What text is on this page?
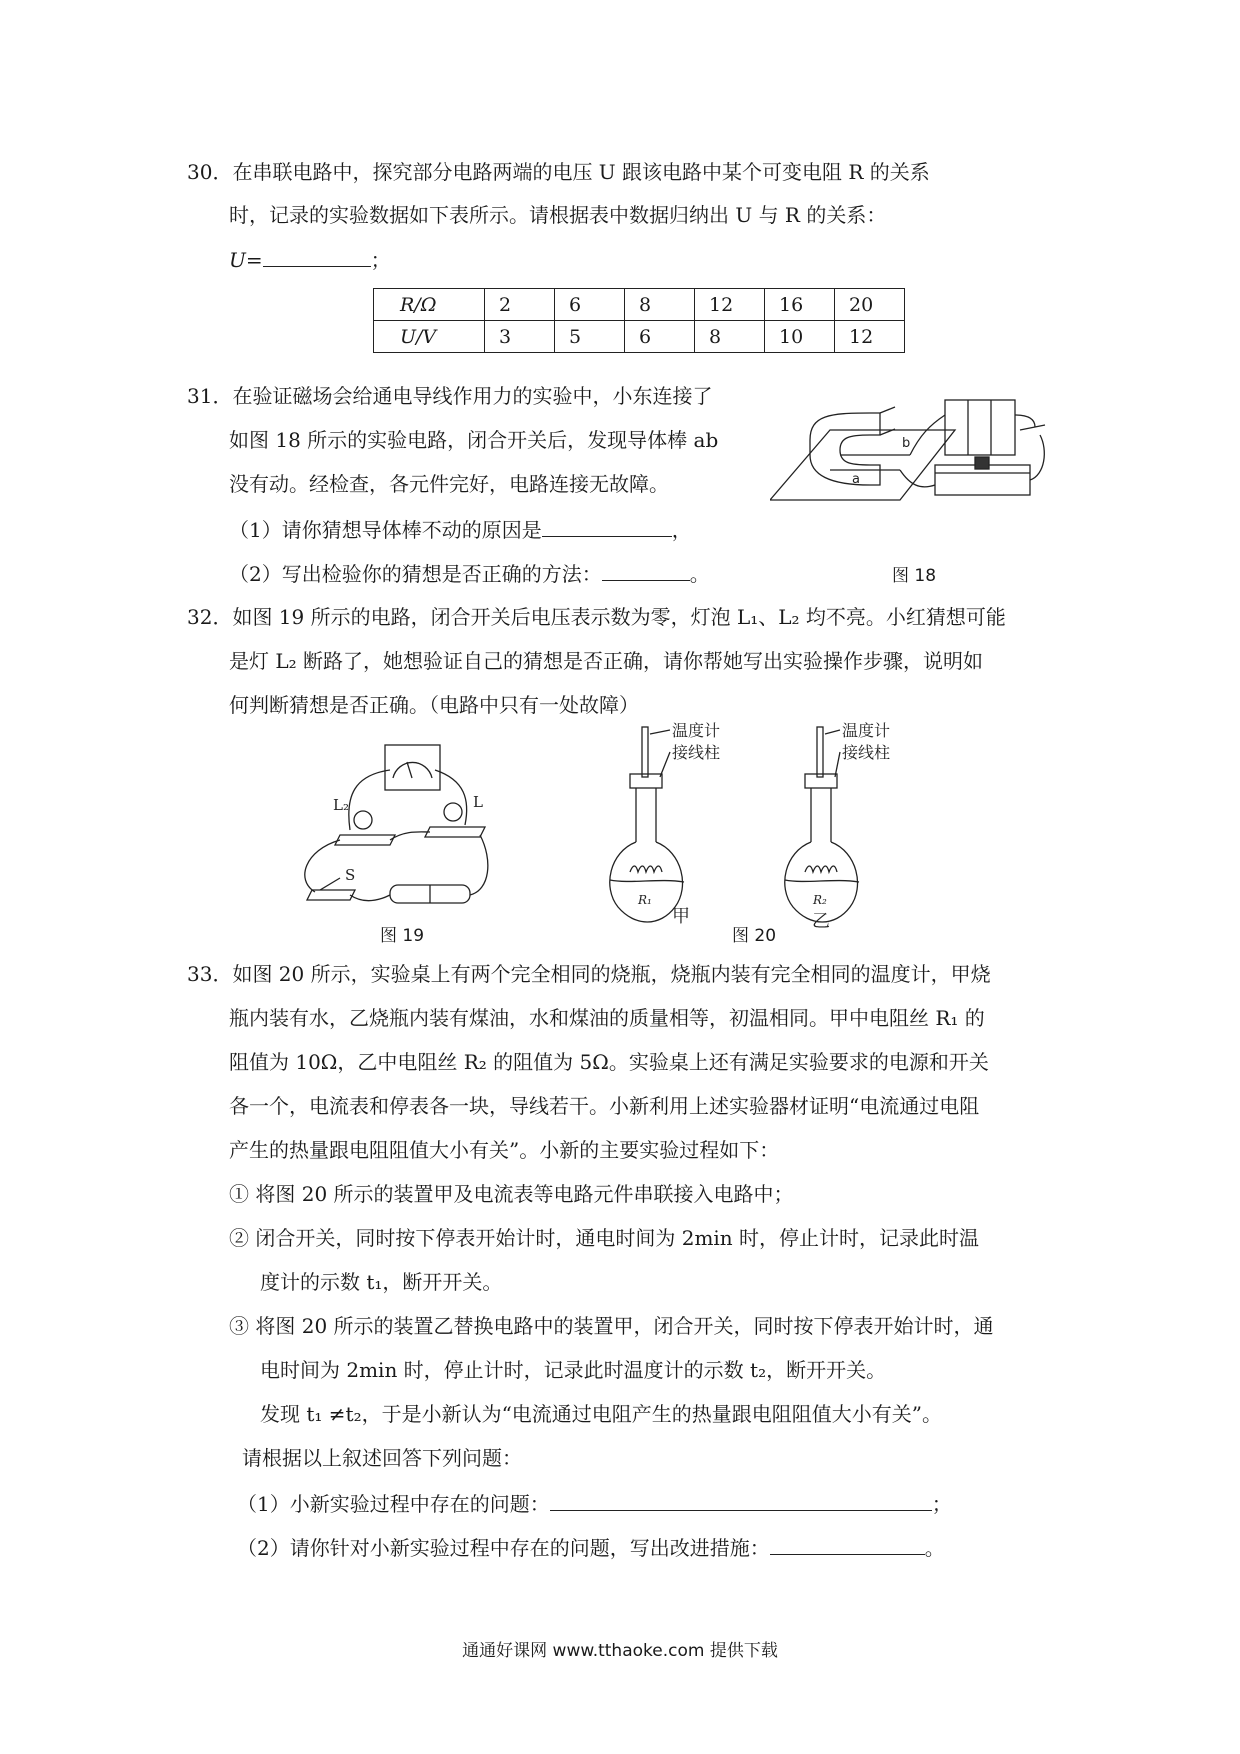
30．在串联电路中，探究部分电路两端的电压 U 跟该电路中某个可变电阻 R 的关系
时，记录的实验数据如下表所示。请根据表中数据归纳出 U 与 R 的关系：
U=	；
R/Ω	2	6	8	12	16	20
U/V	3	5	6	8	10	12
31．在验证磁场会给通电导线作用力的实验中，小东连接了
如图 18 所示的实验电路，闭合开关后，发现导体棒 ab
没有动。经检查，各元件完好，电路连接无故障。
（1）请你猜想导体棒不动的原因是	，
（2）写出检验你的猜想是否正确的方法：	。
a
b
图 18
32．如图 19 所示的电路，闭合开关后电压表示数为零，灯泡 L₁、L₂ 均不亮。小红猜想可能
是灯 L₂ 断路了，她想验证自己的猜想是否正确，请你帮她写出实验操作步骤，说明如
何判断猜想是否正确。（电路中只有一处故障）
L₂	L
S
图 19
温度计
接线柱
温度计
接线柱
R₁	R₂
甲	乙
图 20
33．如图 20 所示，实验桌上有两个完全相同的烧瓶，烧瓶内装有完全相同的温度计，甲烧
瓶内装有水，乙烧瓶内装有煤油，水和煤油的质量相等，初温相同。甲中电阻丝 R₁ 的
阻值为 10Ω，乙中电阻丝 R₂ 的阻值为 5Ω。实验桌上还有满足实验要求的电源和开关
各一个，电流表和停表各一块，导线若干。小新利用上述实验器材证明“电流通过电阻
产生的热量跟电阻阻值大小有关”。小新的主要实验过程如下：
① 将图 20 所示的装置甲及电流表等电路元件串联接入电路中；
② 闭合开关，同时按下停表开始计时，通电时间为 2min 时，停止计时，记录此时温
度计的示数 t₁，断开开关。
③ 将图 20 所示的装置乙替换电路中的装置甲，闭合开关，同时按下停表开始计时，通
电时间为 2min 时，停止计时，记录此时温度计的示数 t₂，断开开关。
发现 t₁ ≠t₂，于是小新认为“电流通过电阻产生的热量跟电阻阻值大小有关”。
请根据以上叙述回答下列问题：
（1）小新实验过程中存在的问题：	；
（2）请你针对小新实验过程中存在的问题，写出改进措施：	。
通通好课网 www.tthaoke.com 提供下载
